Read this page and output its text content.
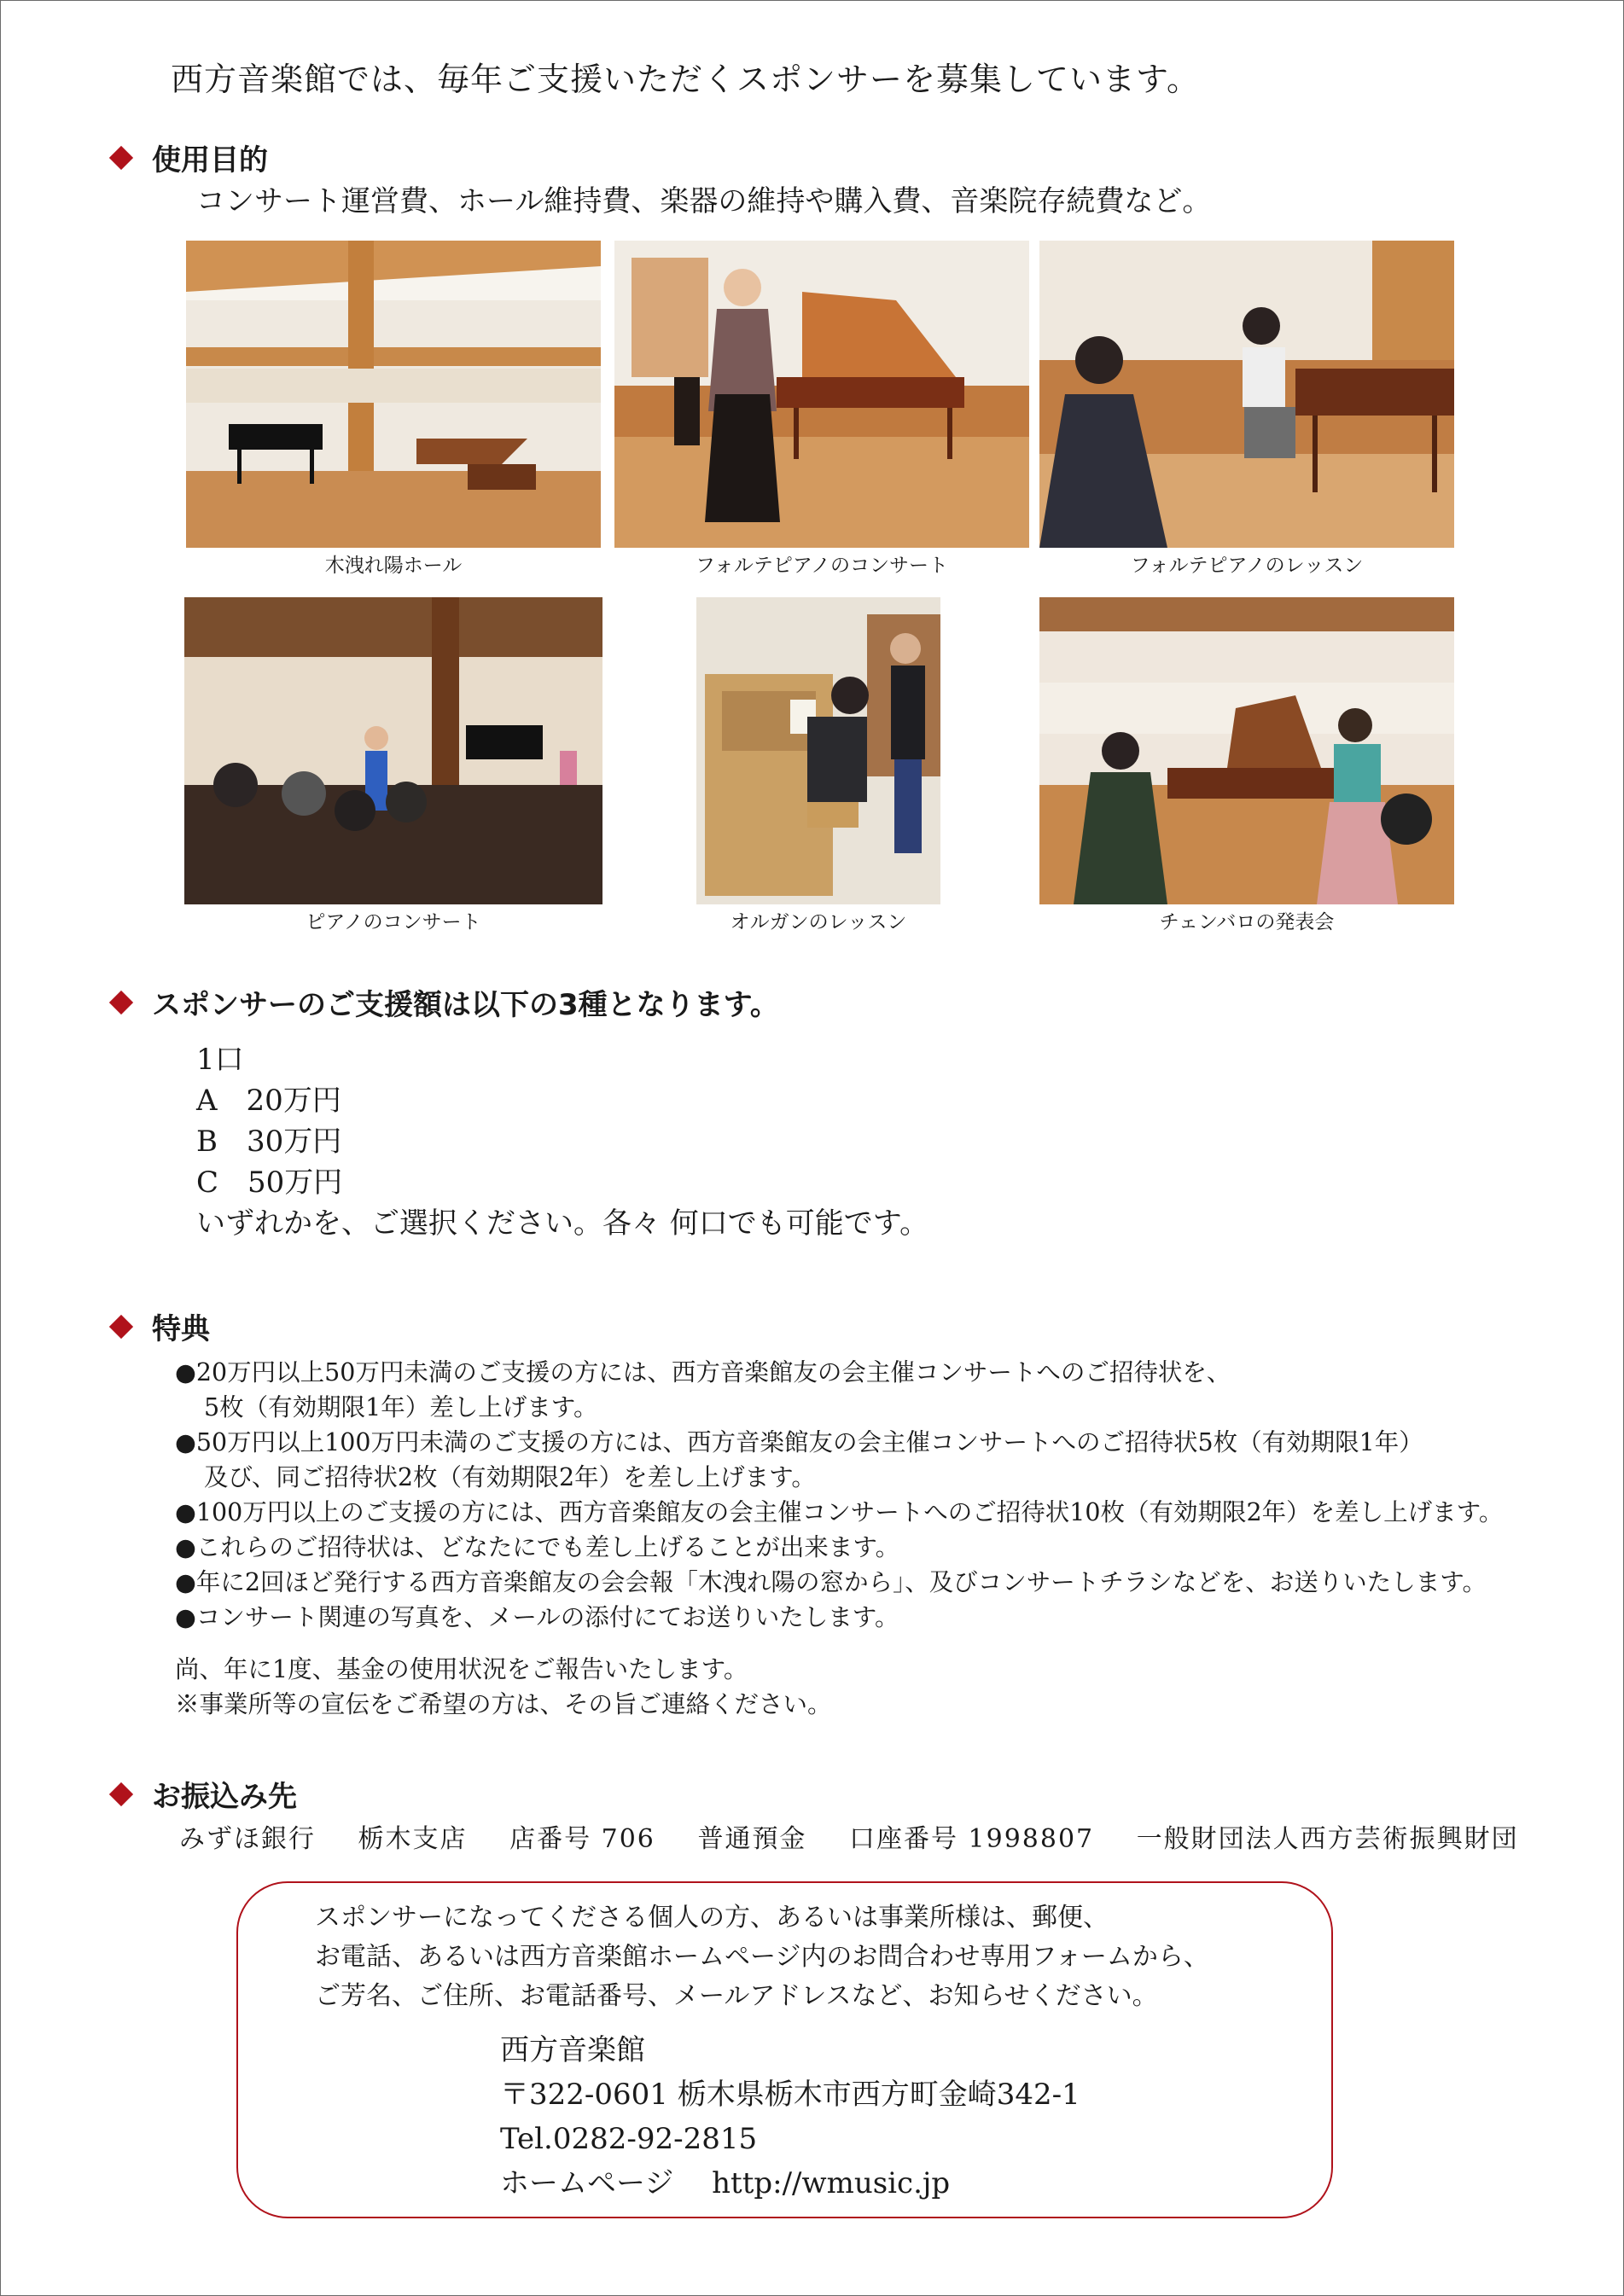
西方音楽館では、毎年ご支援いただくスポンサーを募集しています。
使用目的
コンサート運営費、ホール維持費、楽器の維持や購入費、音楽院存続費など。
木洩れ陽ホール	フォルテピアノのコンサート	フォルテピアノのレッスン
ピアノのコンサート	オルガンのレッスン	チェンバロの発表会
スポンサーのご支援額は以下の3種となります。
1口
A　20万円
B　30万円
C　50万円
いずれかを、ご選択ください。各々 何口でも可能です。
特典
●20万円以上50万円未満のご支援の方には、西方音楽館友の会主催コンサートへのご招待状を、
5枚（有効期限1年）差し上げます。
●50万円以上100万円未満のご支援の方には、西方音楽館友の会主催コンサートへのご招待状5枚（有効期限1年）
及び、同ご招待状2枚（有効期限2年）を差し上げます。
●100万円以上のご支援の方には、西方音楽館友の会主催コンサートへのご招待状10枚（有効期限2年）を差し上げます。
●これらのご招待状は、どなたにでも差し上げることが出来ます。
●年に2回ほど発行する西方音楽館友の会会報「木洩れ陽の窓から」、及びコンサートチラシなどを、お送りいたします。
●コンサート関連の写真を、メールの添付にてお送りいたします。
尚、年に1度、基金の使用状況をご報告いたします。
※事業所等の宣伝をご希望の方は、その旨ご連絡ください。
お振込み先
みずほ銀行 栃木支店 店番号 706 普通預金 口座番号 1998807 一般財団法人西方芸術振興財団
スポンサーになってくださる個人の方、あるいは事業所様は、郵便、
お電話、あるいは西方音楽館ホームページ内のお問合わせ専用フォームから、
ご芳名、ご住所、お電話番号、メールアドレスなど、お知らせください。
西方音楽館
〒322-0601 栃木県栃木市西方町金崎342-1
Tel.0282-92-2815
ホームページ　 http://wmusic.jp
